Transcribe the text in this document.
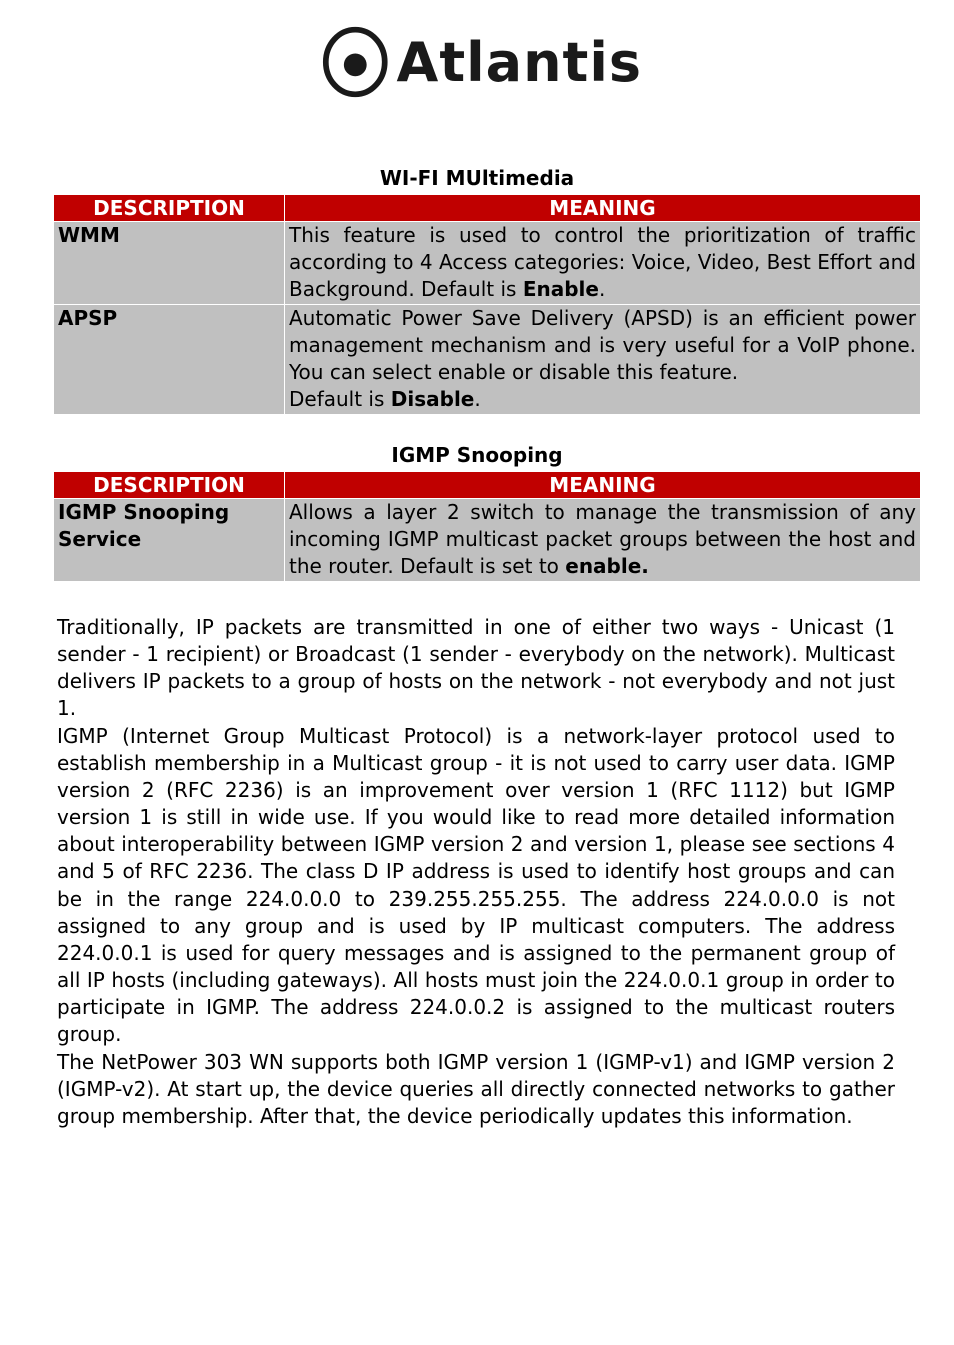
Atlantis
WI-FI MUltimedia
DESCRIPTION	MEANING
WMM	This feature is used to control the prioritization of traffic according to 4 Access categories: Voice, Video, Best Effort and Background. Default is Enable.
APSP	Automatic Power Save Delivery (APSD) is an efficient power management mechanism and is very useful for a VoIP phone. You can select enable or disable this feature.
Default is Disable.
IGMP Snooping
DESCRIPTION	MEANING
IGMP Snooping Service	Allows a layer 2 switch to manage the transmission of any incoming IGMP multicast packet groups between the host and the router. Default is set to enable.

Traditionally, IP packets are transmitted in one of either two ways - Unicast (1 sender - 1 recipient) or Broadcast (1 sender - everybody on the network). Multicast delivers IP packets to a group of hosts on the network - not everybody and not just 1.

IGMP (Internet Group Multicast Protocol) is a network-layer protocol used to establish membership in a Multicast group - it is not used to carry user data. IGMP version 2 (RFC 2236) is an improvement over version 1 (RFC 1112) but IGMP version 1 is still in wide use. If you would like to read more detailed information about interoperability between IGMP version 2 and version 1, please see sections 4 and 5 of RFC 2236. The class D IP address is used to identify host groups and can be in the range 224.0.0.0 to 239.255.255.255. The address 224.0.0.0 is not assigned to any group and is used by IP multicast computers. The address 224.0.0.1 is used for query messages and is assigned to the permanent group of all IP hosts (including gateways). All hosts must join the 224.0.0.1 group in order to participate in IGMP. The address 224.0.0.2 is assigned to the multicast routers group.

The NetPower 303 WN supports both IGMP version 1 (IGMP-v1) and IGMP version 2 (IGMP-v2). At start up, the device queries all directly connected networks to gather group membership. After that, the device periodically updates this information.
